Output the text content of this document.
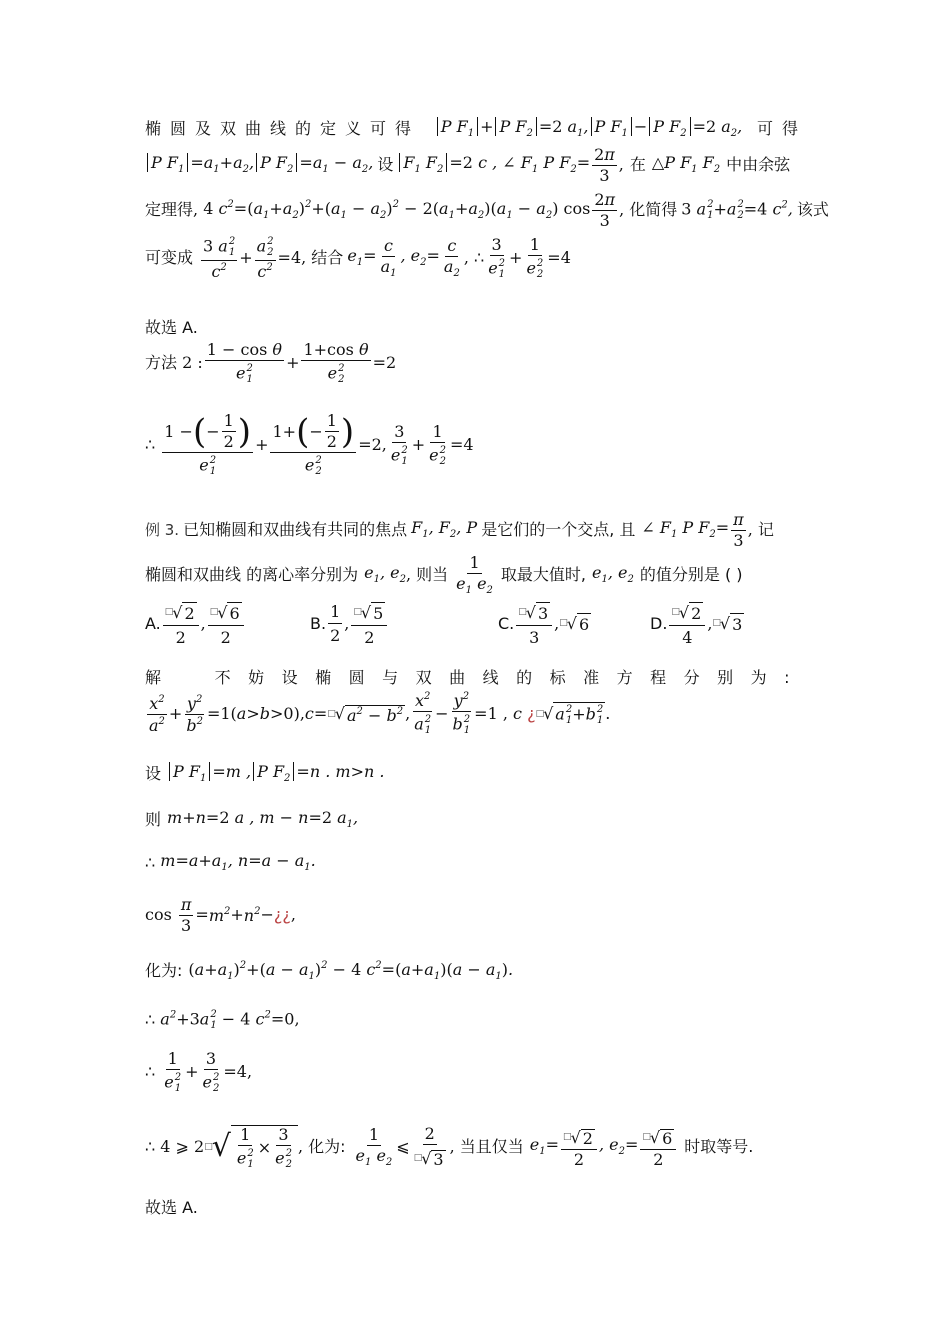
椭圆及双曲线的定义可得	P $F_1 + P$ $F_2 =2$ $a_1$, P $F_1 - P$ $F_2 =2$ $a_2$, 可得
P $F_1 =a_1+a_2$, P $F_2 =a_1 - a_2$, 设 $F_1$ $F_2 =2$ c , ∠ $F_1$ P $F_2= \frac{2\pi}{3}$ , 在 △P $F_1$ $F_2$ 中由余弦
定理得 , 4 $c^2=(a_1+a_2)^2+(a_1 - a_2)^2 - 2(a_1+a_2)(a_1 - a_2)$ $\cos \frac{2\pi}{3}$ , 化简得 3 a 2
1 +a 2
2 =4 $c^2$, 该式
可变成 3 a 2
1
$c^2 + a$ 2
2
$c^2 =4$, 结合 $e_1= \frac{c}{a_1}$ , $e_2= \frac{c}{a_2}$ , ∴ 3
e 2
1 + 1
e 2
2 =4
故选 A.
方法 2 : 1 − cos θ
e 2
1 + 1+cos θ
e 2
2 =2
∴ 1 − ( − $\frac{1}{2}$ )
e 2
1 + 1+ ( − $\frac{1}{2}$ )
e 2
2 =2, 3
e 2
1 + 1
e 2
2 =4
例 3. 已知椭圆和双曲线有共同的焦点 $F_1$, $F_2$, P 是它们的一个交点, 且 ∠ $F_1$ P $F_2= \frac{\pi}{3}$ , 记
椭圆和双曲线 的离心率分别为 $e_1$, $e_2$ , 则当 $\frac{1}{e_1 e_2}$ 取最大值时, $e_1$, $e_2$ 的值分别是 ( )
A. $\frac{□ √ 2}{2}$ , $\frac{□ √ 6}{2}$	B. $\frac{1}{2}$ , $\frac{□ √ 5}{2}$	C. $\frac{□ √ 3}{3}$ , □ √ 6	D. $\frac{□ √ 2}{4}$ , □ √ 3
解	不妨设椭圆与双曲线的标准方程分别为:
$\frac{x^2}{a^2} + \frac{y^2}{b^2} =1$( a > b >0), c = □ √ $a^2 - b^2$ , $x^2$
a 2
$1 - y^2$
b 2
1 =1 , c ¿ □ √ a 2
1 +b 2
1 .
设 P $F_1 =m$ , P $F_2 =n$ . m>n .
则 m+n=2 a , m − n=2 $a_1$,
∴ $m=a+a_1$, $n=a - a_1$.
$\cos \frac{\pi}{3} = m^2 + n^2$ − ¿¿ ,
化为: $(a+a_1)^2+(a - a_1)^2 - 4$ $c^2=(a+a_1)(a - a_1)$.
∴ $a^2+3a$ 2
1 − 4 $c^2=0$,
∴ 1
e 2
1 + 3
e 2
2 =4,
∴ 4 ⩾ 2 □ √ 1
e 2
1 × 3
e 2
2 , 化为: $\frac{1}{e_1 e_2}$ ⩽ $\frac{2}{□ √ 3}$ , 当且仅当 $e_1= \frac{□ √ 2}{2}$ , $e_2= \frac{□ √ 6}{2}$ 时取等号.
故选 A.
